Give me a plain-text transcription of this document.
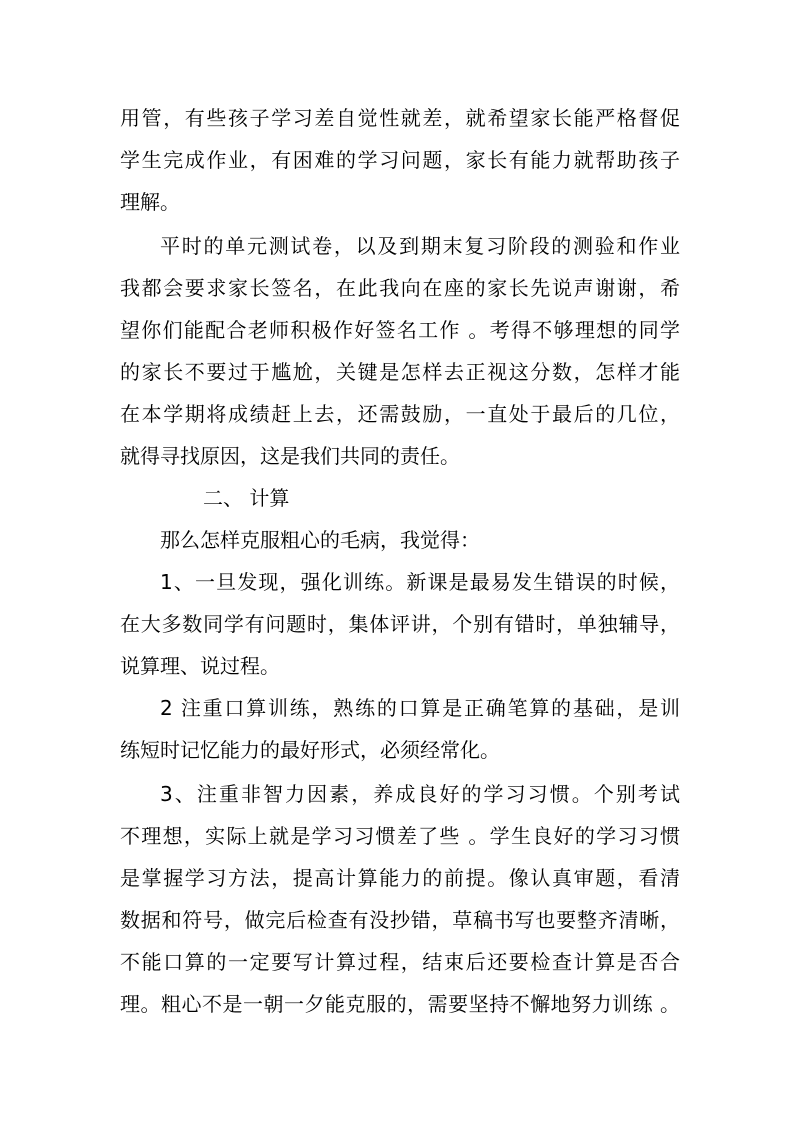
用管，有些孩子学习差自觉性就差，就希望家长能严格督促
学生完成作业，有困难的学习问题，家长有能力就帮助孩子
理解。
平时的单元测试卷，以及到期末复习阶段的测验和作业
我都会要求家长签名，在此我向在座的家长先说声谢谢，希
望你们能配合老师积极作好签名工作 。考得不够理想的同学
的家长不要过于尴尬，关键是怎样去正视这分数，怎样才能
在本学期将成绩赶上去，还需鼓励，一直处于最后的几位，
就得寻找原因，这是我们共同的责任。
二、 计算
那么怎样克服粗心的毛病，我觉得：
1、一旦发现，强化训练。新课是最易发生错误的时候，
在大多数同学有问题时，集体评讲，个别有错时，单独辅导，
说算理、说过程。
2 注重口算训练，熟练的口算是正确笔算的基础，是训
练短时记忆能力的最好形式，必须经常化。
3、注重非智力因素，养成良好的学习习惯。个别考试
不理想，实际上就是学习习惯差了些 。学生良好的学习习惯
是掌握学习方法，提高计算能力的前提。像认真审题，看清
数据和符号，做完后检查有没抄错，草稿书写也要整齐清晰，
不能口算的一定要写计算过程，结束后还要检查计算是否合
理。粗心不是一朝一夕能克服的，需要坚持不懈地努力训练 。
